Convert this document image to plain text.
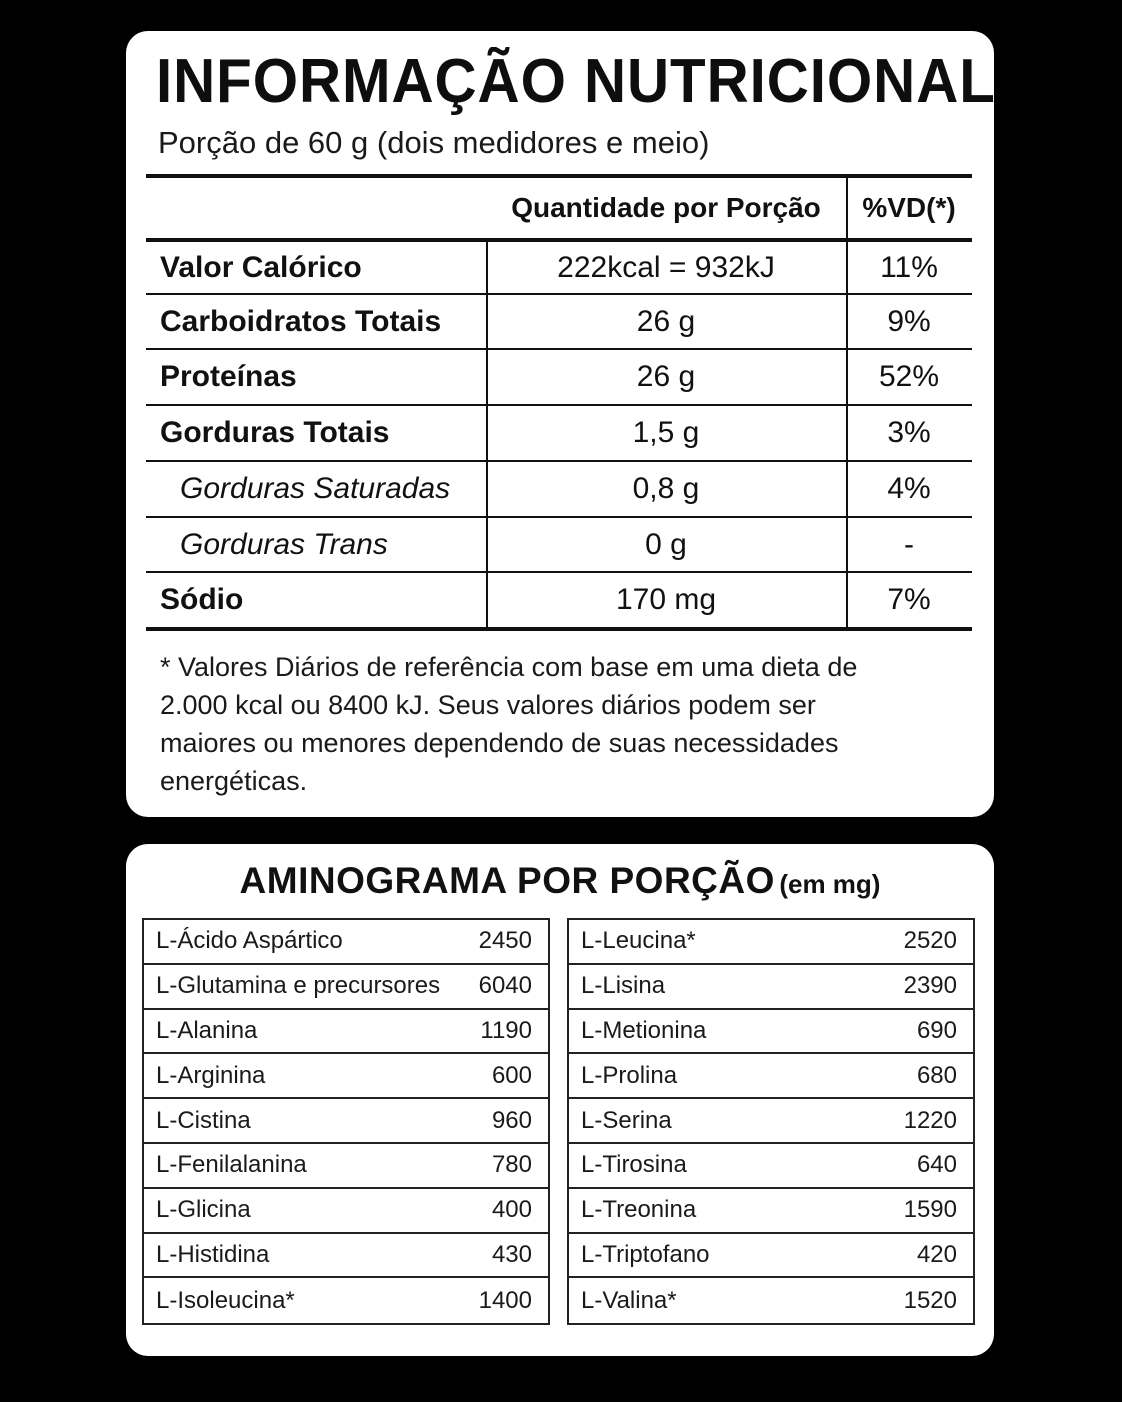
INFORMAÇÃO NUTRICIONAL
Porção de 60 g (dois medidores e meio)
Quantidade por Porção	%VD(*)
Valor Calórico	222kcal = 932kJ	11%
Carboidratos Totais	26 g	9%
Proteínas	26 g	52%
Gorduras Totais	1,5 g	3%
Gorduras Saturadas	0,8 g	4%
Gorduras Trans	0 g	-
Sódio	170 mg	7%
* Valores Diários de referência com base em uma dieta de 2.000 kcal ou 8400 kJ. Seus valores diários podem ser maiores ou menores dependendo de suas necessidades energéticas.
AMINOGRAMA POR PORÇÃO (em mg)
L-Ácido Aspártico	2450
L-Glutamina e precursores 6040
L-Alanina	1190
L-Arginina	600
L-Cistina	960
L-Fenilalanina	780
L-Glicina	400
L-Histidina	430
L-Isoleucina*	1400
L-Leucina*	2520
L-Lisina	2390
L-Metionina	690
L-Prolina	680
L-Serina	1220
L-Tirosina	640
L-Treonina	1590
L-Triptofano	420
L-Valina*	1520
